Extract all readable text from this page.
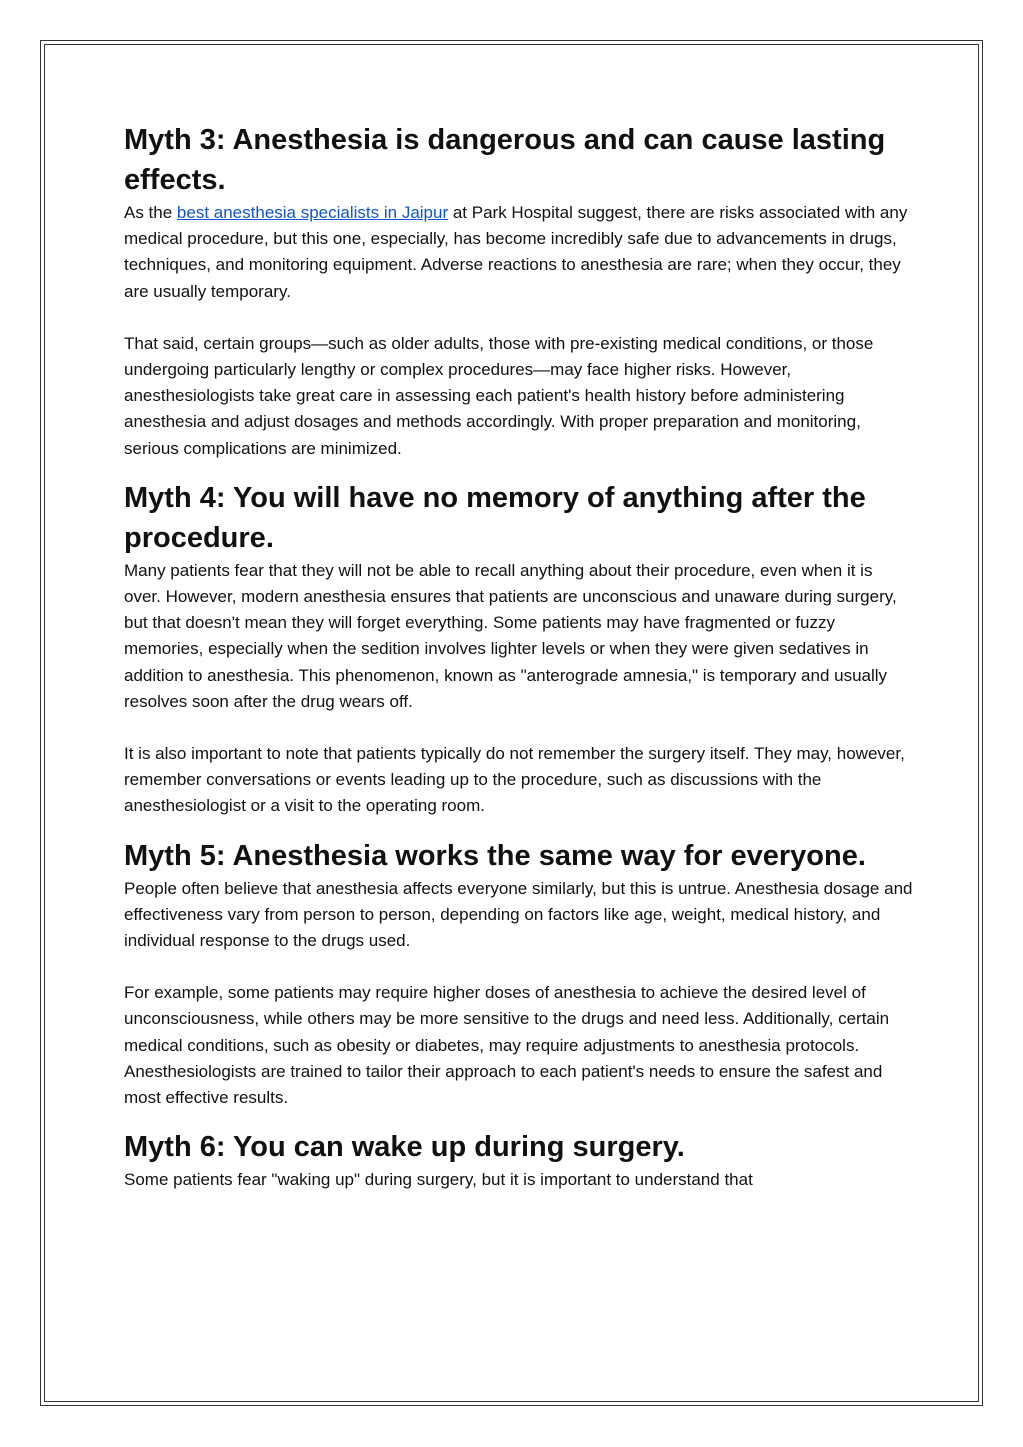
Myth 3: Anesthesia is dangerous and can cause lasting effects.

As the best anesthesia specialists in Jaipur at Park Hospital suggest, there are risks associated with any medical procedure, but this one, especially, has become incredibly safe due to advancements in drugs, techniques, and monitoring equipment. Adverse reactions to anesthesia are rare; when they occur, they are usually temporary.

That said, certain groups—such as older adults, those with pre-existing medical conditions, or those undergoing particularly lengthy or complex procedures—may face higher risks. However, anesthesiologists take great care in assessing each patient's health history before administering anesthesia and adjust dosages and methods accordingly. With proper preparation and monitoring, serious complications are minimized.

Myth 4: You will have no memory of anything after the procedure.

Many patients fear that they will not be able to recall anything about their procedure, even when it is over. However, modern anesthesia ensures that patients are unconscious and unaware during surgery, but that doesn't mean they will forget everything. Some patients may have fragmented or fuzzy memories, especially when the sedition involves lighter levels or when they were given sedatives in addition to anesthesia. This phenomenon, known as "anterograde amnesia," is temporary and usually resolves soon after the drug wears off.

It is also important to note that patients typically do not remember the surgery itself. They may, however, remember conversations or events leading up to the procedure, such as discussions with the anesthesiologist or a visit to the operating room.

Myth 5: Anesthesia works the same way for everyone.

People often believe that anesthesia affects everyone similarly, but this is untrue. Anesthesia dosage and effectiveness vary from person to person, depending on factors like age, weight, medical history, and individual response to the drugs used.

For example, some patients may require higher doses of anesthesia to achieve the desired level of unconsciousness, while others may be more sensitive to the drugs and need less. Additionally, certain medical conditions, such as obesity or diabetes, may require adjustments to anesthesia protocols. Anesthesiologists are trained to tailor their approach to each patient's needs to ensure the safest and most effective results.

Myth 6: You can wake up during surgery.

Some patients fear "waking up" during surgery, but it is important to understand that
